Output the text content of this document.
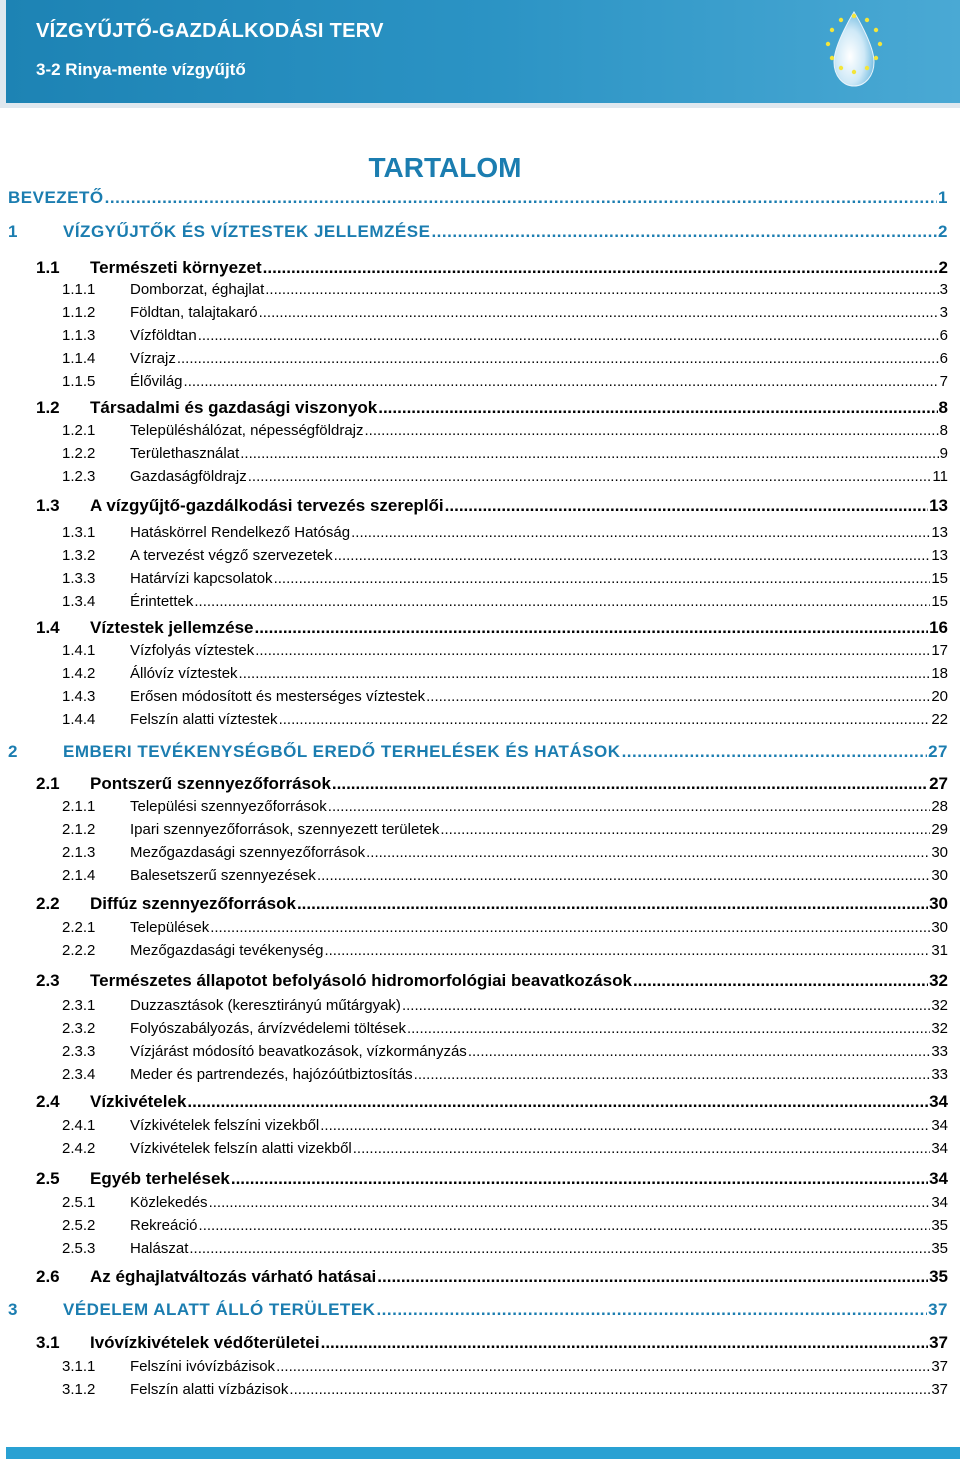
VÍZGYŰJTŐ-GAZDÁLKODÁSI TERV
3-2 Rinya-mente vízgyűjtő
TARTALOM
BEVEZETŐ .....	1
1	VÍZGYŰJTŐK ÉS VÍZTESTEK JELLEMZÉSE .....	2
1.1	Természeti környezet .....	2
1.1.1	Domborzat, éghajlat .....	3
1.1.2	Földtan, talajtakaró .....	3
1.1.3	Vízföldtan .....	6
1.1.4	Vízrajz .....	6
1.1.5	Élővilág .....	7
1.2	Társadalmi és gazdasági viszonyok .....	8
1.2.1	Településhálózat, népességföldrajz .....	8
1.2.2	Területhasználat .....	9
1.2.3	Gazdaságföldrajz .....	11
1.3	A vízgyűjtő-gazdálkodási tervezés szereplői .....	13
1.3.1	Hatáskörrel Rendelkező Hatóság .....	13
1.3.2	A tervezést végző szervezetek .....	13
1.3.3	Határvízi kapcsolatok .....	15
1.3.4	Érintettek .....	15
1.4	Víztestek jellemzése .....	16
1.4.1	Vízfolyás víztestek .....	17
1.4.2	Állóvíz víztestek .....	18
1.4.3	Erősen módosított és mesterséges víztestek .....	20
1.4.4	Felszín alatti víztestek .....	22
2	EMBERI TEVÉKENYSÉGBŐL EREDŐ TERHELÉSEK ÉS HATÁSOK .....	27
2.1	Pontszerű szennyezőforrások .....	27
2.1.1	Települési szennyezőforrások .....	28
2.1.2	Ipari szennyezőforrások, szennyezett területek .....	29
2.1.3	Mezőgazdasági szennyezőforrások .....	30
2.1.4	Balesetszerű szennyezések .....	30
2.2	Diffúz szennyezőforrások .....	30
2.2.1	Települések .....	30
2.2.2	Mezőgazdasági tevékenység .....	31
2.3	Természetes állapotot befolyásoló hidromorfológiai beavatkozások .....	32
2.3.1	Duzzasztások (keresztirányú műtárgyak) .....	32
2.3.2	Folyószabályozás, árvízvédelemi töltések .....	32
2.3.3	Vízjárást módosító beavatkozások, vízkormányzás .....	33
2.3.4	Meder és partrendezés, hajózóútbiztosítás .....	33
2.4	Vízkivételek .....	34
2.4.1	Vízkivételek felszíni vizekből .....	34
2.4.2	Vízkivételek felszín alatti vizekből .....	34
2.5	Egyéb terhelések .....	34
2.5.1	Közlekedés .....	34
2.5.2	Rekreáció .....	35
2.5.3	Halászat .....	35
2.6	Az éghajlatváltozás várható hatásai .....	35
3	VÉDELEM ALATT ÁLLÓ TERÜLETEK .....	37
3.1	Ivóvízkivételek védőterületei .....	37
3.1.1	Felszíni ivóvízbázisok .....	37
3.1.2	Felszín alatti vízbázisok .....	37
